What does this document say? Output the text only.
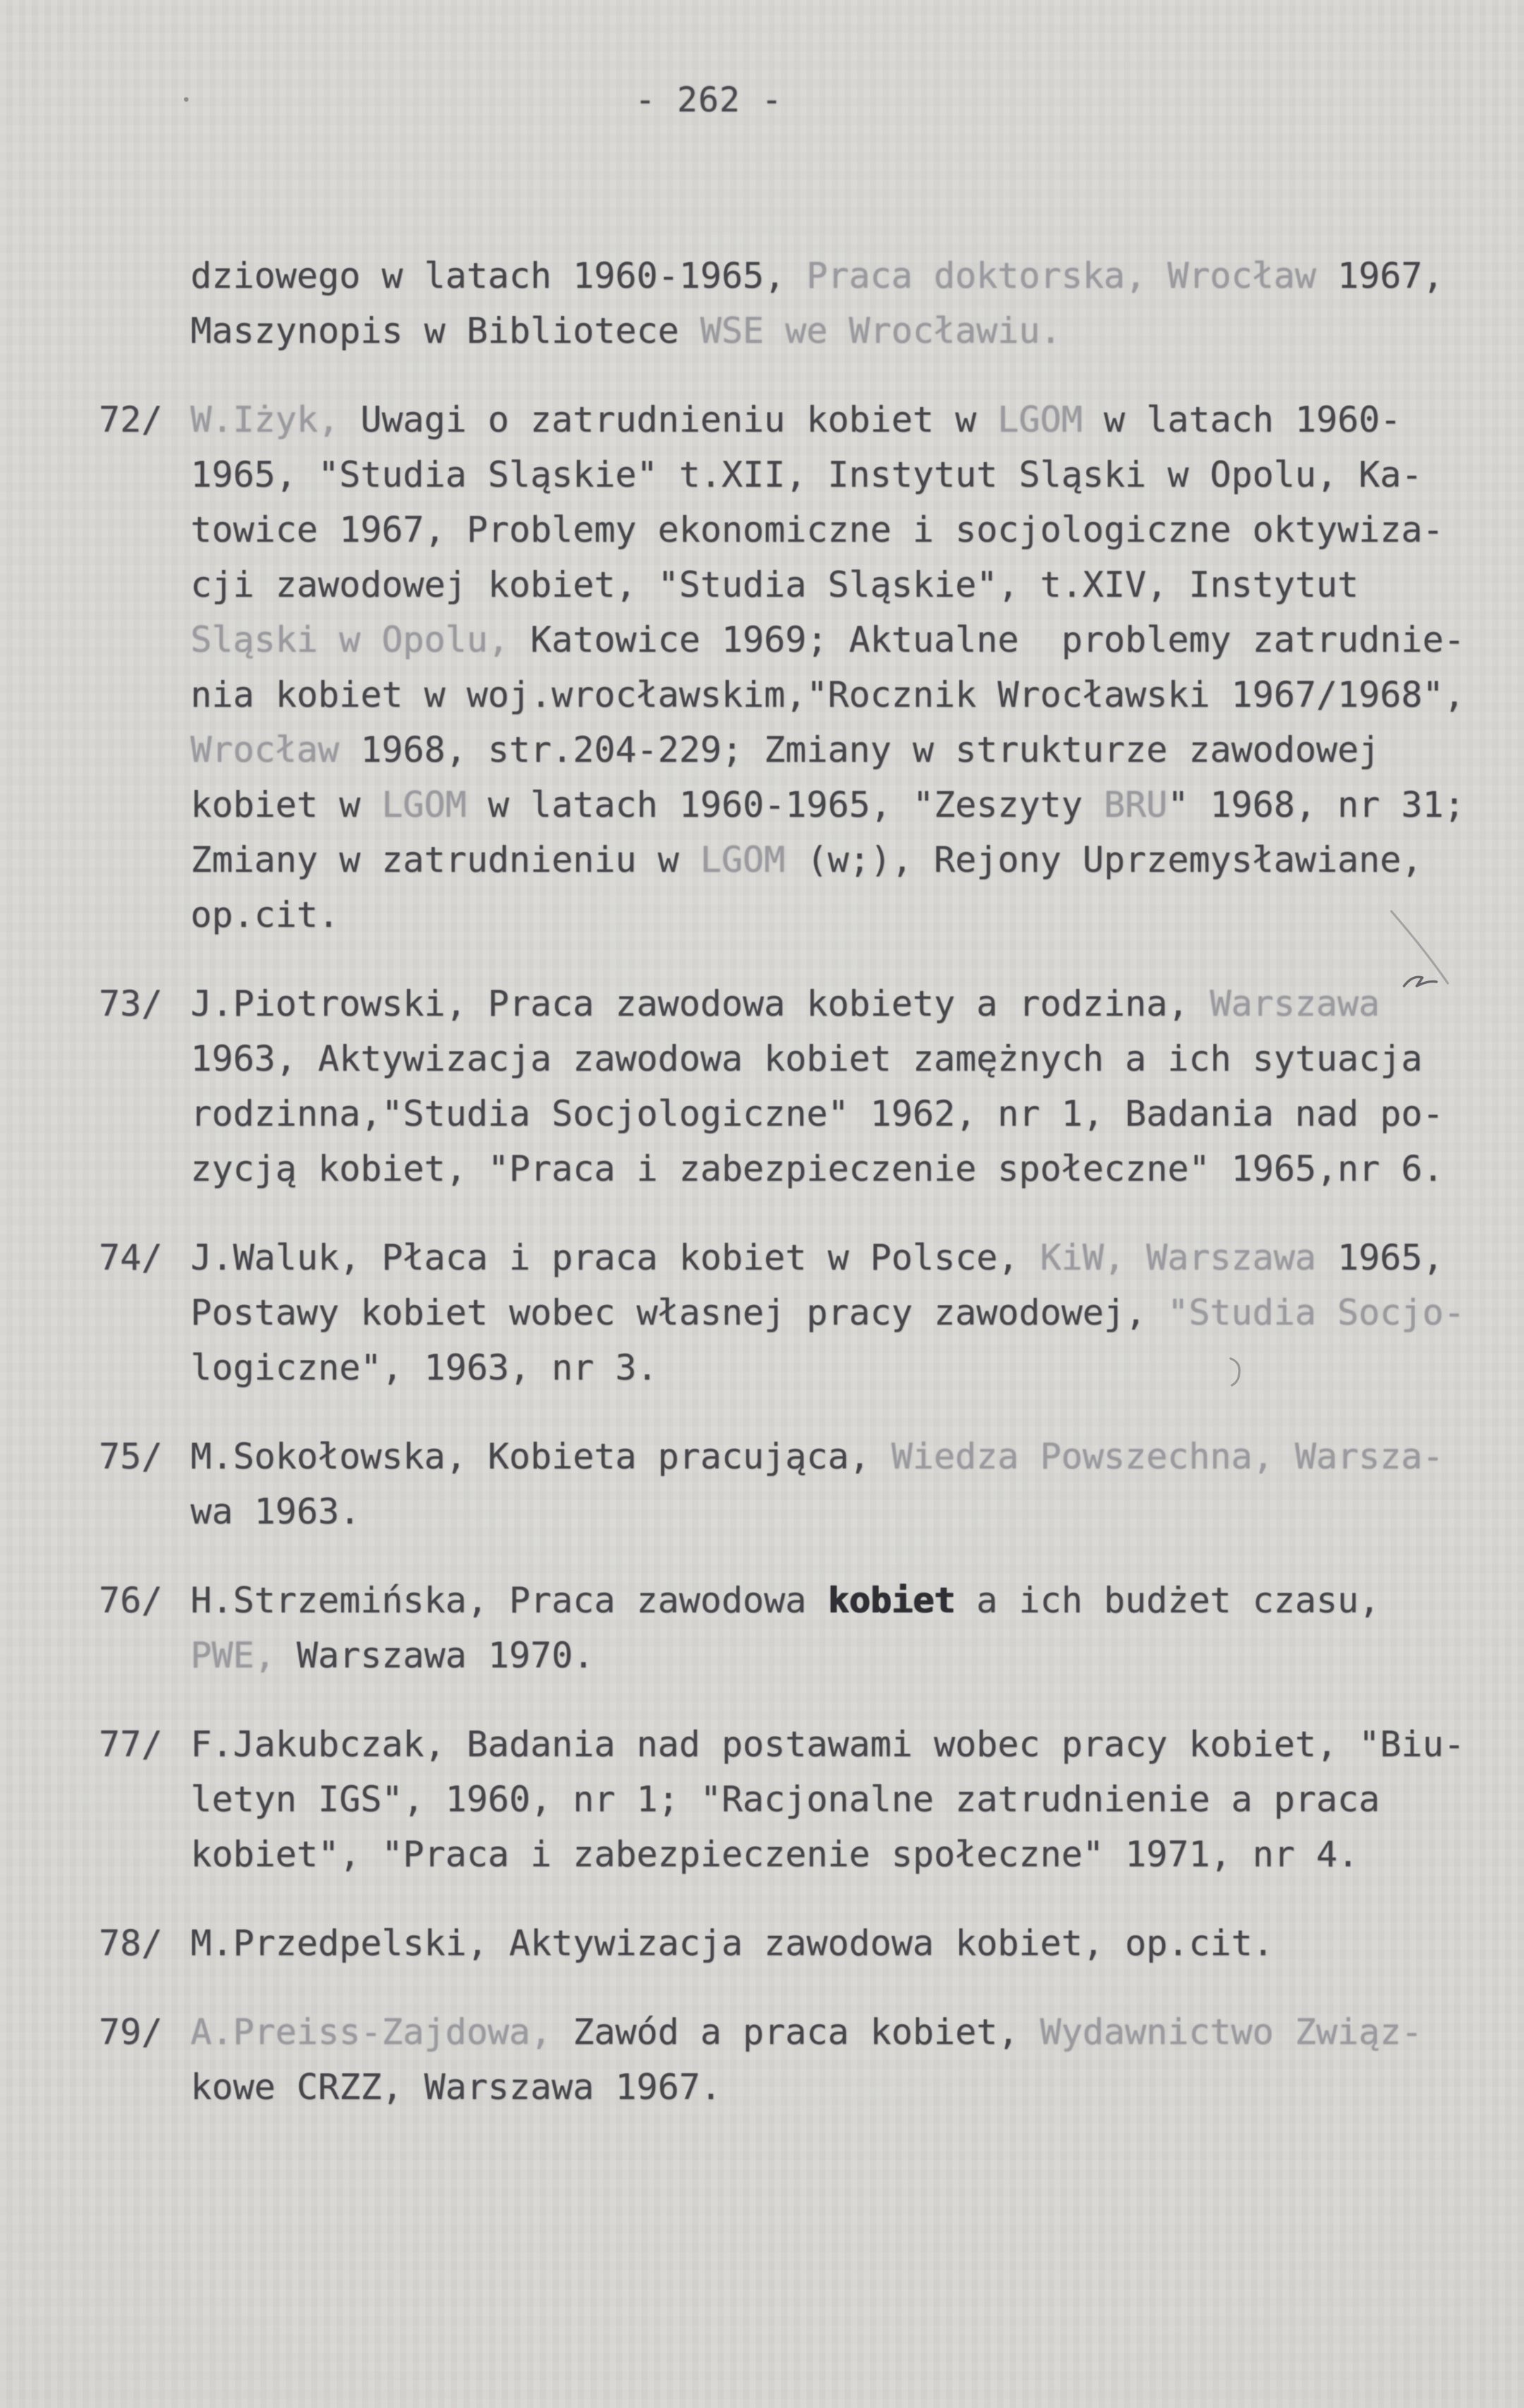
- 262 -
dziowego w latach 1960-1965, Praca doktorska, Wrocław 1967,
Maszynopis w Bibliotece WSE we Wrocławiu.
72/ W.Iżyk, Uwagi o zatrudnieniu kobiet w LGOM w latach 1960-
1965, "Studia Sląskie" t.XII, Instytut Sląski w Opolu, Ka-
towice 1967, Problemy ekonomiczne i socjologiczne oktywiza-
cji zawodowej kobiet, "Studia Sląskie", t.XIV, Instytut
Sląski w Opolu, Katowice 1969; Aktualne  problemy zatrudnie-
nia kobiet w woj.wrocławskim,"Rocznik Wrocławski 1967/1968",
Wrocław 1968, str.204-229; Zmiany w strukturze zawodowej
kobiet w LGOM w latach 1960-1965, "Zeszyty BRU" 1968, nr 31;
Zmiany w zatrudnieniu w LGOM (w;), Rejony Uprzemysławiane,
op.cit.
73/ J.Piotrowski, Praca zawodowa kobiety a rodzina, Warszawa
1963, Aktywizacja zawodowa kobiet zamężnych a ich sytuacja
rodzinna,"Studia Socjologiczne" 1962, nr 1, Badania nad po-
zycją kobiet, "Praca i zabezpieczenie społeczne" 1965,nr 6.
74/ J.Waluk, Płaca i praca kobiet w Polsce, KiW, Warszawa 1965,
Postawy kobiet wobec własnej pracy zawodowej, "Studia Socjo-
logiczne", 1963, nr 3.
75/ M.Sokołowska, Kobieta pracująca, Wiedza Powszechna, Warsza-
wa 1963.
76/ H.Strzemińska, Praca zawodowa kobiet a ich budżet czasu,
PWE, Warszawa 1970.
77/ F.Jakubczak, Badania nad postawami wobec pracy kobiet, "Biu-
letyn IGS", 1960, nr 1; "Racjonalne zatrudnienie a praca
kobiet", "Praca i zabezpieczenie społeczne" 1971, nr 4.
78/ M.Przedpelski, Aktywizacja zawodowa kobiet, op.cit.
79/ A.Preiss-Zajdowa, Zawód a praca kobiet, Wydawnictwo Związ-
kowe CRZZ, Warszawa 1967.
